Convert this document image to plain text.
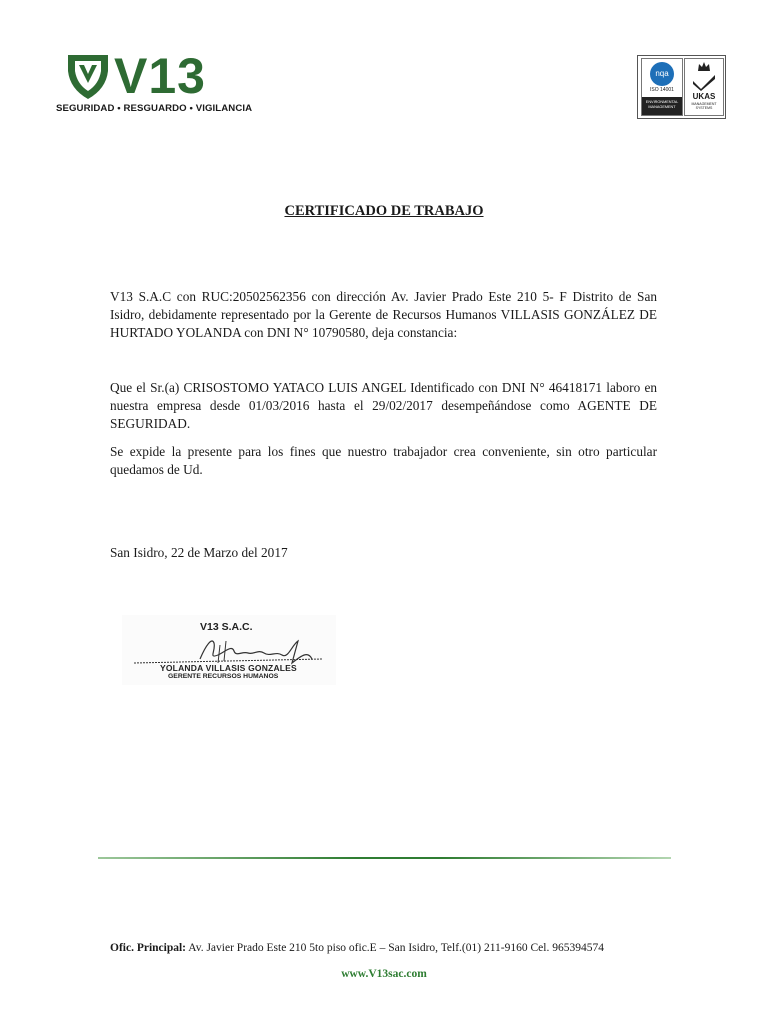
V13
SEGURIDAD • RESGUARDO • VIGILANCIA
nqa
ISO 14001
ENVIRONMENTAL MANAGEMENT
UKAS
MANAGEMENT SYSTEMS
CERTIFICADO DE TRABAJO

V13 S.A.C con RUC:20502562356 con dirección Av. Javier Prado Este 210 5- F Distrito de San Isidro, debidamente representado por la Gerente de Recursos Humanos VILLASIS GONZÁLEZ DE HURTADO YOLANDA con DNI N° 10790580, deja constancia:

Que el Sr.(a) CRISOSTOMO YATACO LUIS ANGEL Identificado con DNI N° 46418171 laboro en nuestra empresa desde 01/03/2016 hasta el 29/02/2017 desempeñándose como AGENTE DE SEGURIDAD.

Se expide la presente para los fines que nuestro trabajador crea conveniente, sin otro particular quedamos de Ud.

San Isidro, 22 de Marzo del 2017
V13 S.A.C.
YOLANDA VILLASIS GONZALES
GERENTE RECURSOS HUMANOS
Ofic. Principal: Av. Javier Prado Este 210 5to piso ofic.E – San Isidro, Telf.(01) 211-9160 Cel. 965394574
www.V13sac.com
